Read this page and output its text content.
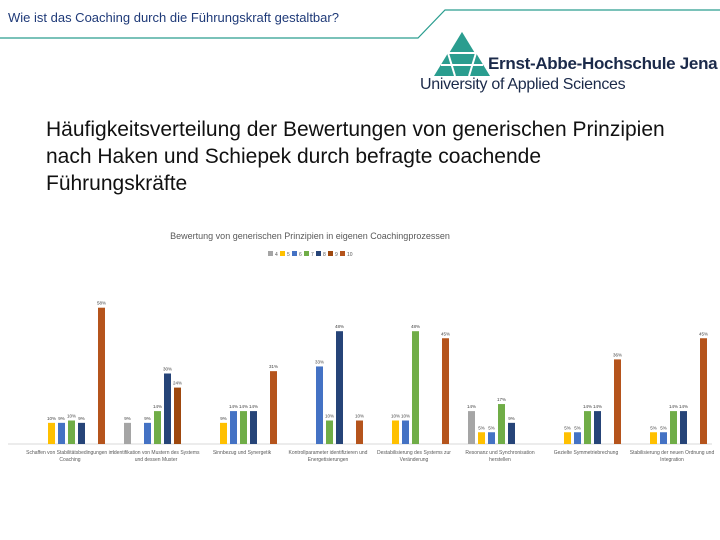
Wie ist das Coaching durch die Führungskraft gestaltbar?
Ernst-Abbe-Hochschule Jena
University of Applied Sciences
Häufigkeitsverteilung der Bewertungen von generischen Prinzipien nach Haken und Schiepek durch befragte coachende Führungskräfte
Bewertung von generischen Prinzipien in eigenen Coachingprozessen
4 5 6 7 8 9 10
10% 9% 10% 9%
58%
9%	9%
14%
30%
24%
9%
14% 14% 14%
31%
33%
10%
48%
10%	10% 10%
48%
45%
14%
5% 5%
17%
9%
5% 5%
14% 14%
36%
5% 5%
14% 14%
45%
Schaffen von Stabilitätsbedingungen im
Coaching
Identifikation von Mustern des Systems
und dessen Muster
Sinnbezug und Synergetik	Kontrollparameter identifizieren und
Energetisierungen
Destabilisierung des Systems zur
Veränderung
Resonanz und Synchronisation
herstellen
Gezielte Symmetriebrechung Stabilisierung der neuen Ordnung und
Integration
